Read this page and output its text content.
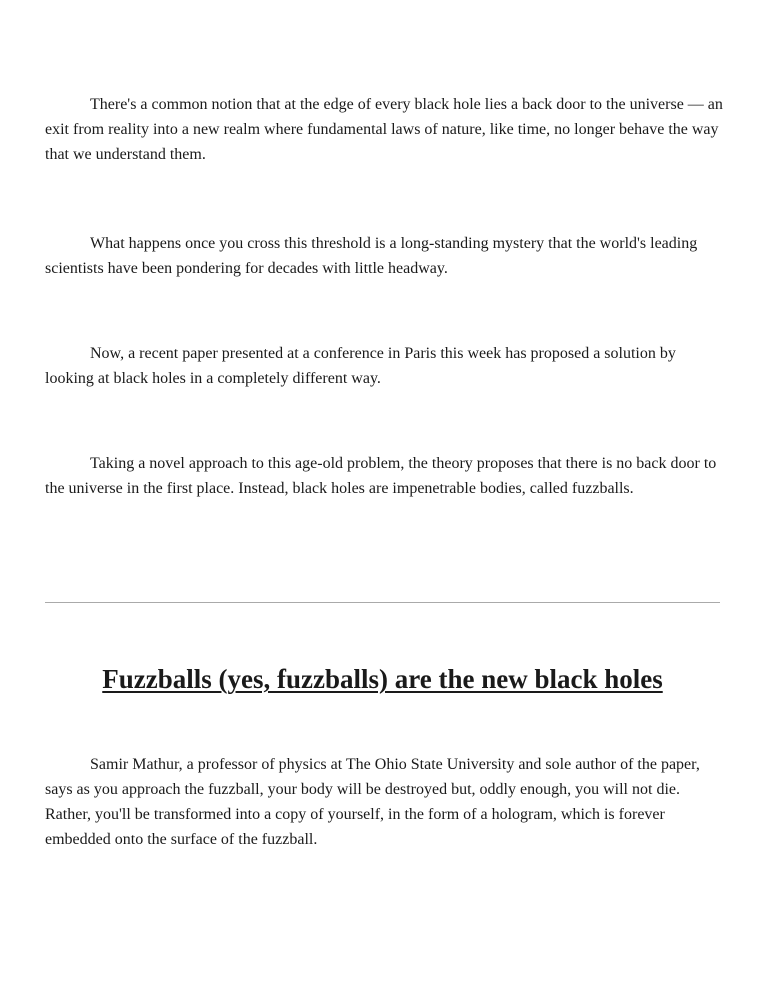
There's a common notion that at the edge of every black hole lies a back door to the universe — an exit from reality into a new realm where fundamental laws of nature, like time, no longer behave the way that we understand them.

What happens once you cross this threshold is a long-standing mystery that the world's leading scientists have been pondering for decades with little headway.

Now, a recent paper presented at a conference in Paris this week has proposed a solution by looking at black holes in a completely different way.

Taking a novel approach to this age-old problem, the theory proposes that there is no back door to the universe in the first place. Instead, black holes are impenetrable bodies, called fuzzballs.

Fuzzballs (yes, fuzzballs) are the new black holes

Samir Mathur, a professor of physics at The Ohio State University and sole author of the paper, says as you approach the fuzzball, your body will be destroyed but, oddly enough, you will not die. Rather, you'll be transformed into a copy of yourself, in the form of a hologram, which is forever embedded onto the surface of the fuzzball.
